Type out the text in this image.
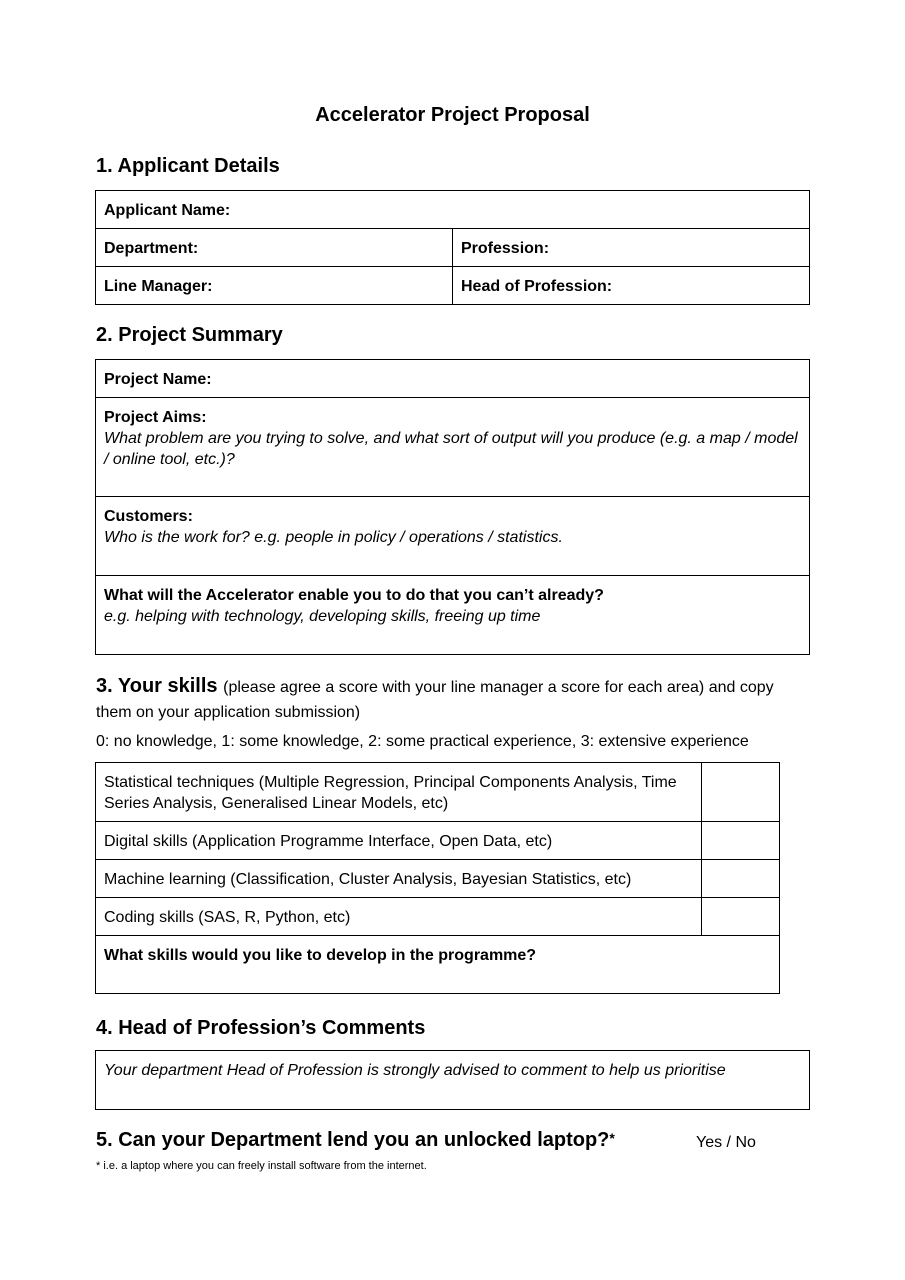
Accelerator Project Proposal
1. Applicant Details
Applicant Name:	
Department:	Profession:
Line Manager:	Head of Profession:
2. Project Summary
Project Name:

Project Aims:
What problem are you trying to solve, and what sort of output will you produce (e.g. a map / model / online tool, etc.)?

Customers:
Who is the work for? e.g. people in policy / operations / statistics.

What will the Accelerator enable you to do that you can’t already?
e.g. helping with technology, developing skills, freeing up time
3. Your skills (please agree a score with your line manager a score for each area) and copy
them on your application submission)
0: no knowledge, 1: some knowledge, 2: some practical experience, 3: extensive experience
Statistical techniques (Multiple Regression, Principal Components Analysis, Time Series Analysis, Generalised Linear Models, etc)	
Digital skills (Application Programme Interface, Open Data, etc)	
Machine learning (Classification, Cluster Analysis, Bayesian Statistics, etc)	
Coding skills (SAS, R, Python, etc)	
What skills would you like to develop in the programme?	
4. Head of Profession’s Comments
Your department Head of Profession is strongly advised to comment to help us prioritise
5. Can your Department lend you an unlocked laptop?*	Yes / No
* i.e. a laptop where you can freely install software from the internet.
